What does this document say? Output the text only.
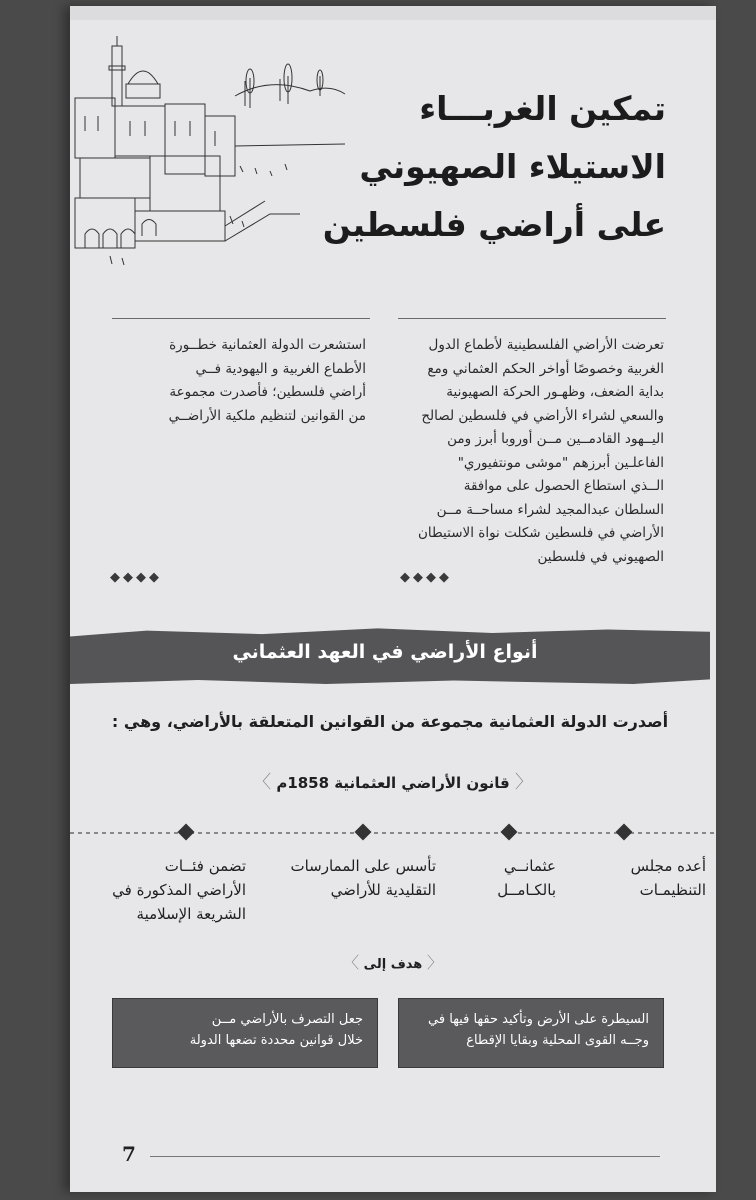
تمكين الغربـــاء
الاستيلاء الصهيوني
على أراضي فلسطين
تعرضت الأراضي الفلسطينية لأطماع الدول
الغربية وخصوصًا أواخر الحكم العثماني ومع
بداية الضعف، وظهـور الحركة الصهيونية
والسعي لشراء الأراضي في فلسطين لصالح
اليــهود القادمــين مــن أوروبا أبرز ومن
الفاعلـين أبرزهم "موشى مونتفيوري"
الــذي استطاع الحصول على موافقة
السلطان عبدالمجيد لشراء مساحــة مــن
الأراضي في فلسطين شكلت نواة الاستيطان
الصهيوني في فلسطين
استشعرت الدولة العثمانية خطــورة
الأطماع الغربية و اليهودية فــي
أراضي فلسطين؛ فأصدرت مجموعة
من القوانين لتنظيم ملكية الأراضــي
◆◆◆◆	◆◆◆◆
أنواع الأراضي في العهد العثماني
أصدرت الدولة العثمانية مجموعة من القوانين المتعلقة بالأراضي، وهي :
〈 قانون الأراضي العثمانية 1858م 〉
أعده مجلس
التنظيمـات
عثمانــي
بالكـامــل
تأسس على الممارسات
التقليدية للأراضي
تضمن فئــات
الأراضي المذكورة في
الشريعة الإسلامية
〈 هدف إلى 〉
السيطرة على الأرض وتأكيد حقها فيها في
وجــه القوى المحلية وبقايا الإقطاع
جعل التصرف بالأراضي مــن
خلال قوانين محددة تضعها الدولة
7
